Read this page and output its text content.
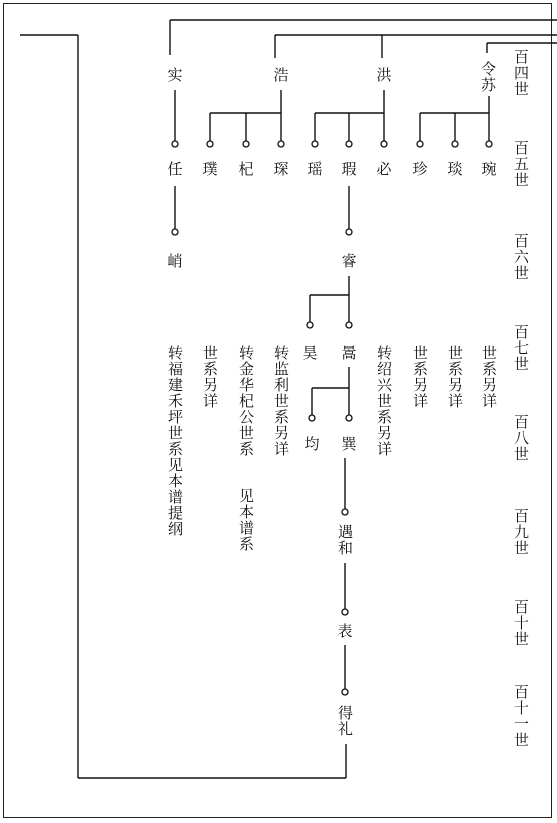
百四世
百五世
百六世
百七世
百八世
百九世
百十世
百十一世
实	浩	洪	令苏
任 璞 杞 琛 瑶 瑕 必 珍 琰 琬
峭	睿
昊 暠
均 巽
遇和
表
得礼
转福建禾坪世系见本谱提纲 世系另详 转金华杞公世系
见本谱系
转监利世系另详	转绍兴世系另详 世系另详 世系另详 世系另详
